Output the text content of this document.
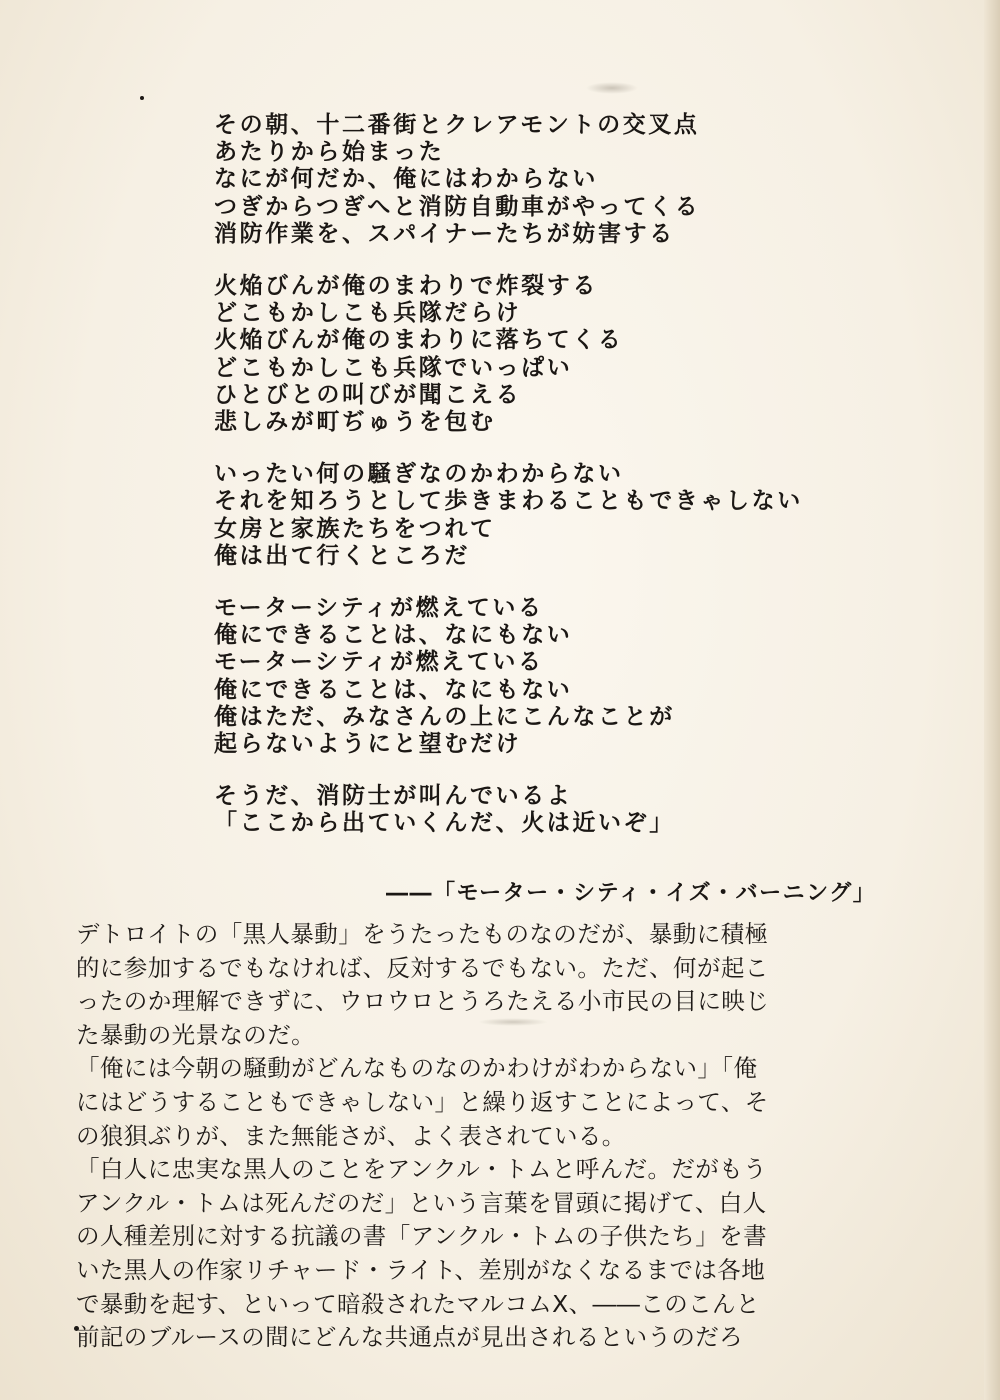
その朝、十二番街とクレアモントの交叉点
あたりから始まった
なにが何だか、俺にはわからない
つぎからつぎへと消防自動車がやってくる
消防作業を、スパイナーたちが妨害する
火焔びんが俺のまわりで炸裂する
どこもかしこも兵隊だらけ
火焔びんが俺のまわりに落ちてくる
どこもかしこも兵隊でいっぱい
ひとびとの叫びが聞こえる
悲しみが町ぢゅうを包む
いったい何の騒ぎなのかわからない
それを知ろうとして歩きまわることもできゃしない
女房と家族たちをつれて
俺は出て行くところだ
モーターシティが燃えている
俺にできることは、なにもない
モーターシティが燃えている
俺にできることは、なにもない
俺はただ、みなさんの上にこんなことが
起らないようにと望むだけ
そうだ、消防士が叫んでいるよ
「ここから出ていくんだ、火は近いぞ」
――「モーター・シティ・イズ・バーニング」
デトロイトの「黒人暴動」をうたったものなのだが、暴動に積極
的に参加するでもなければ、反対するでもない。ただ、何が起こ
ったのか理解できずに、ウロウロとうろたえる小市民の目に映じ
た暴動の光景なのだ。
「俺には今朝の騒動がどんなものなのかわけがわからない」「俺
にはどうすることもできゃしない」と繰り返すことによって、そ
の狼狽ぶりが、また無能さが、よく表されている。
「白人に忠実な黒人のことをアンクル・トムと呼んだ。だがもう
アンクル・トムは死んだのだ」という言葉を冒頭に掲げて、白人
の人種差別に対する抗議の書「アンクル・トムの子供たち」を書
いた黒人の作家リチャード・ライト、差別がなくなるまでは各地
で暴動を起す、といって暗殺されたマルコムX、――このこんと
前記のブルースの間にどんな共通点が見出されるというのだろ
